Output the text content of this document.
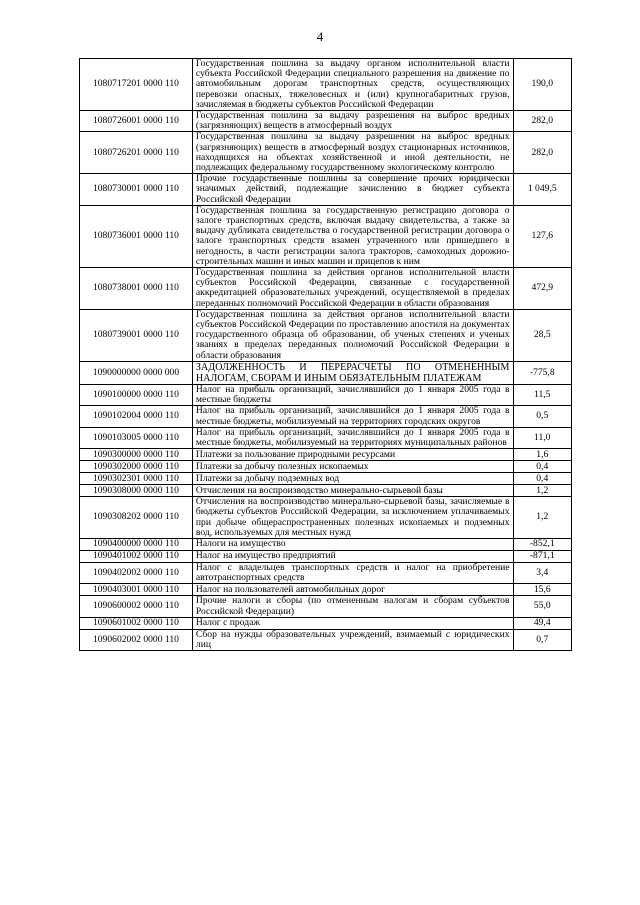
4
1080717201 0000 110	Государственная пошлина за выдачу органом исполнительной власти субъекта Российской Федерации специального разрешения на движение по автомобильным дорогам транспортных средств, осуществляющих перевозки опасных, тяжеловесных и (или) крупногабаритных грузов, зачисляемая в бюджеты субъектов Российской Федерации	190,0
1080726001 0000 110	Государственная пошлина за выдачу разрешения на выброс вредных (загрязняющих) веществ в атмосферный воздух	282,0
1080726201 0000 110	Государственная пошлина за выдачу разрешения на выброс вредных (загрязняющих) веществ в атмосферный воздух стационарных источников, находящихся на объектах хозяйственной и иной деятельности, не подлежащих федеральному государственному экологическому контролю	282,0
1080730001 0000 110	Прочие государственные пошлины за совершение прочих юридически значимых действий, подлежащие зачислению в бюджет субъекта Российской Федерации	1 049,5
1080736001 0000 110	Государственная пошлина за государственную регистрацию договора о залоге транспортных средств, включая выдачу свидетельства, а также за выдачу дубликата свидетельства о государственной регистрации договора о залоге транспортных средств взамен утраченного или пришедшего в негодность, в части регистрации залога тракторов, самоходных дорожно-строительных машин и иных машин и прицепов к ним	127,6
1080738001 0000 110	Государственная пошлина за действия органов исполнительной власти субъектов Российской Федерации, связанные с государственной аккредитацией образовательных учреждений, осуществляемой в пределах переданных полномочий Российской Федерации в области образования	472,9
1080739001 0000 110	Государственная пошлина за действия органов исполнительной власти субъектов Российской Федерации по проставлению апостиля на документах государственного образца об образовании, об ученых степенях и ученых званиях в пределах переданных полномочий Российской Федерации в области образования	28,5
1090000000 0000 000	ЗАДОЛЖЕННОСТЬ И ПЕРЕРАСЧЕТЫ ПО ОТМЕНЕННЫМ НАЛОГАМ, СБОРАМ И ИНЫМ ОБЯЗАТЕЛЬНЫМ ПЛАТЕЖАМ	-775,8
1090100000 0000 110	Налог на прибыль организаций, зачислявшийся до 1 января 2005 года в местные бюджеты	11,5
1090102004 0000 110	Налог на прибыль организаций, зачислявшийся до 1 января 2005 года в местные бюджеты, мобилизуемый на территориях городских округов	0,5
1090103005 0000 110	Налог на прибыль организаций, зачислявшийся до 1 января 2005 года в местные бюджеты, мобилизуемый на территориях муниципальных районов	11,0
1090300000 0000 110	Платежи за пользование природными ресурсами	1,6
1090302000 0000 110	Платежи за добычу полезных ископаемых	0,4
1090302301 0000 110	Платежи за добычу подземных вод	0,4
1090308000 0000 110	Отчисления на воспроизводство минерально-сырьевой базы	1,2
1090308202 0000 110	Отчисления на воспроизводство минерально-сырьевой базы, зачисляемые в бюджеты субъектов Российской Федерации, за исключением уплачиваемых при добыче общераспространенных полезных ископаемых и подземных вод, используемых для местных нужд	1,2
1090400000 0000 110	Налоги на имущество	-852,1
1090401002 0000 110	Налог на имущество предприятий	-871,1
1090402002 0000 110	Налог с владельцев транспортных средств и налог на приобретение автотранспортных средств	3,4
1090403001 0000 110	Налог на пользователей автомобильных дорог	15,6
1090600002 0000 110	Прочие налоги и сборы (по отмененным налогам и сборам субъектов Российской Федерации)	55,0
1090601002 0000 110	Налог с продаж	49,4
1090602002 0000 110	Сбор на нужды образовательных учреждений, взимаемый с юридических лиц	0,7
